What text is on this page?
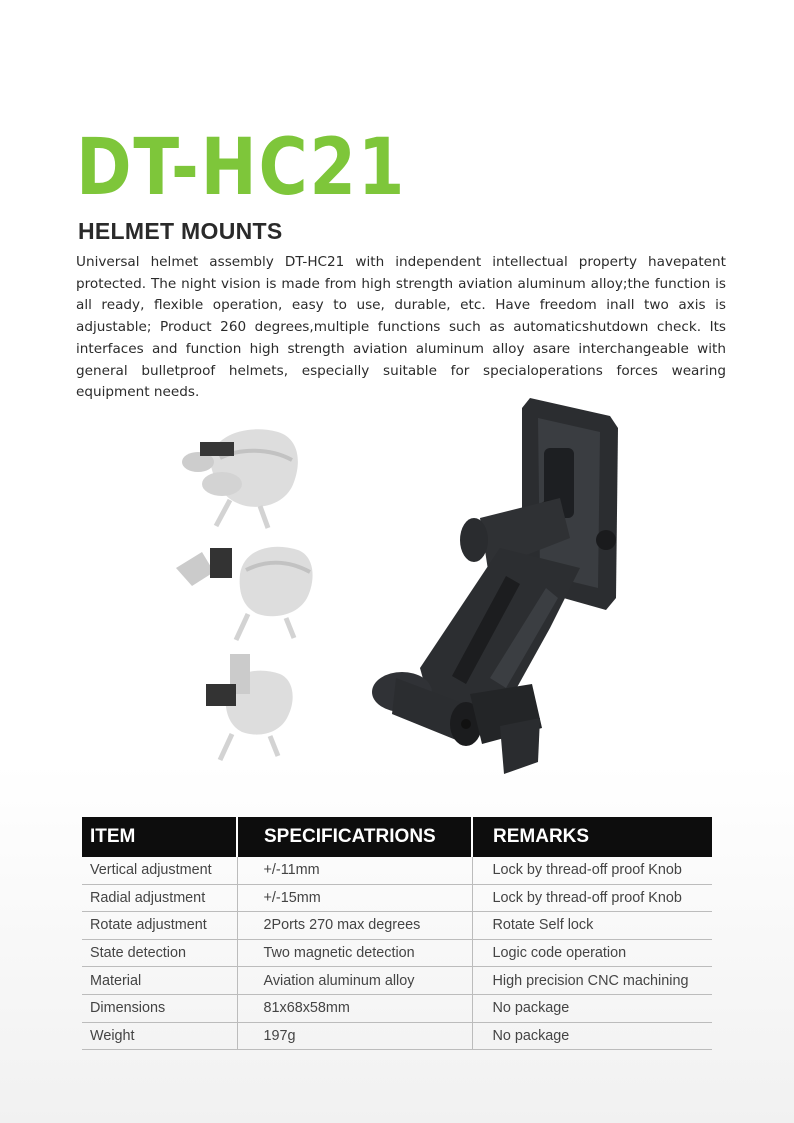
DT-HC21
HELMET MOUNTS
Universal helmet assembly DT-HC21 with independent intellectual property havepatent protected. The night vision is made from high strength aviation aluminum alloy;the function is all ready, flexible operation, easy to use, durable, etc. Have freedom inall two axis is adjustable; Product 260 degrees,multiple functions such as automaticshutdown check. Its interfaces and function high strength aviation aluminum alloy asare interchangeable with general bulletproof helmets, especially suitable for specialoperations forces wearing equipment needs.
ITEM	SPECIFICATRIONS	REMARKS
Vertical adjustment	+/-11mm	Lock by thread-off proof Knob
Radial adjustment	+/-15mm	Lock by thread-off proof Knob
Rotate adjustment	2Ports 270 max degrees	Rotate Self lock
State detection	Two magnetic detection	Logic code operation
Material	Aviation aluminum alloy	High precision CNC machining
Dimensions	81x68x58mm	No package
Weight	197g	No package
